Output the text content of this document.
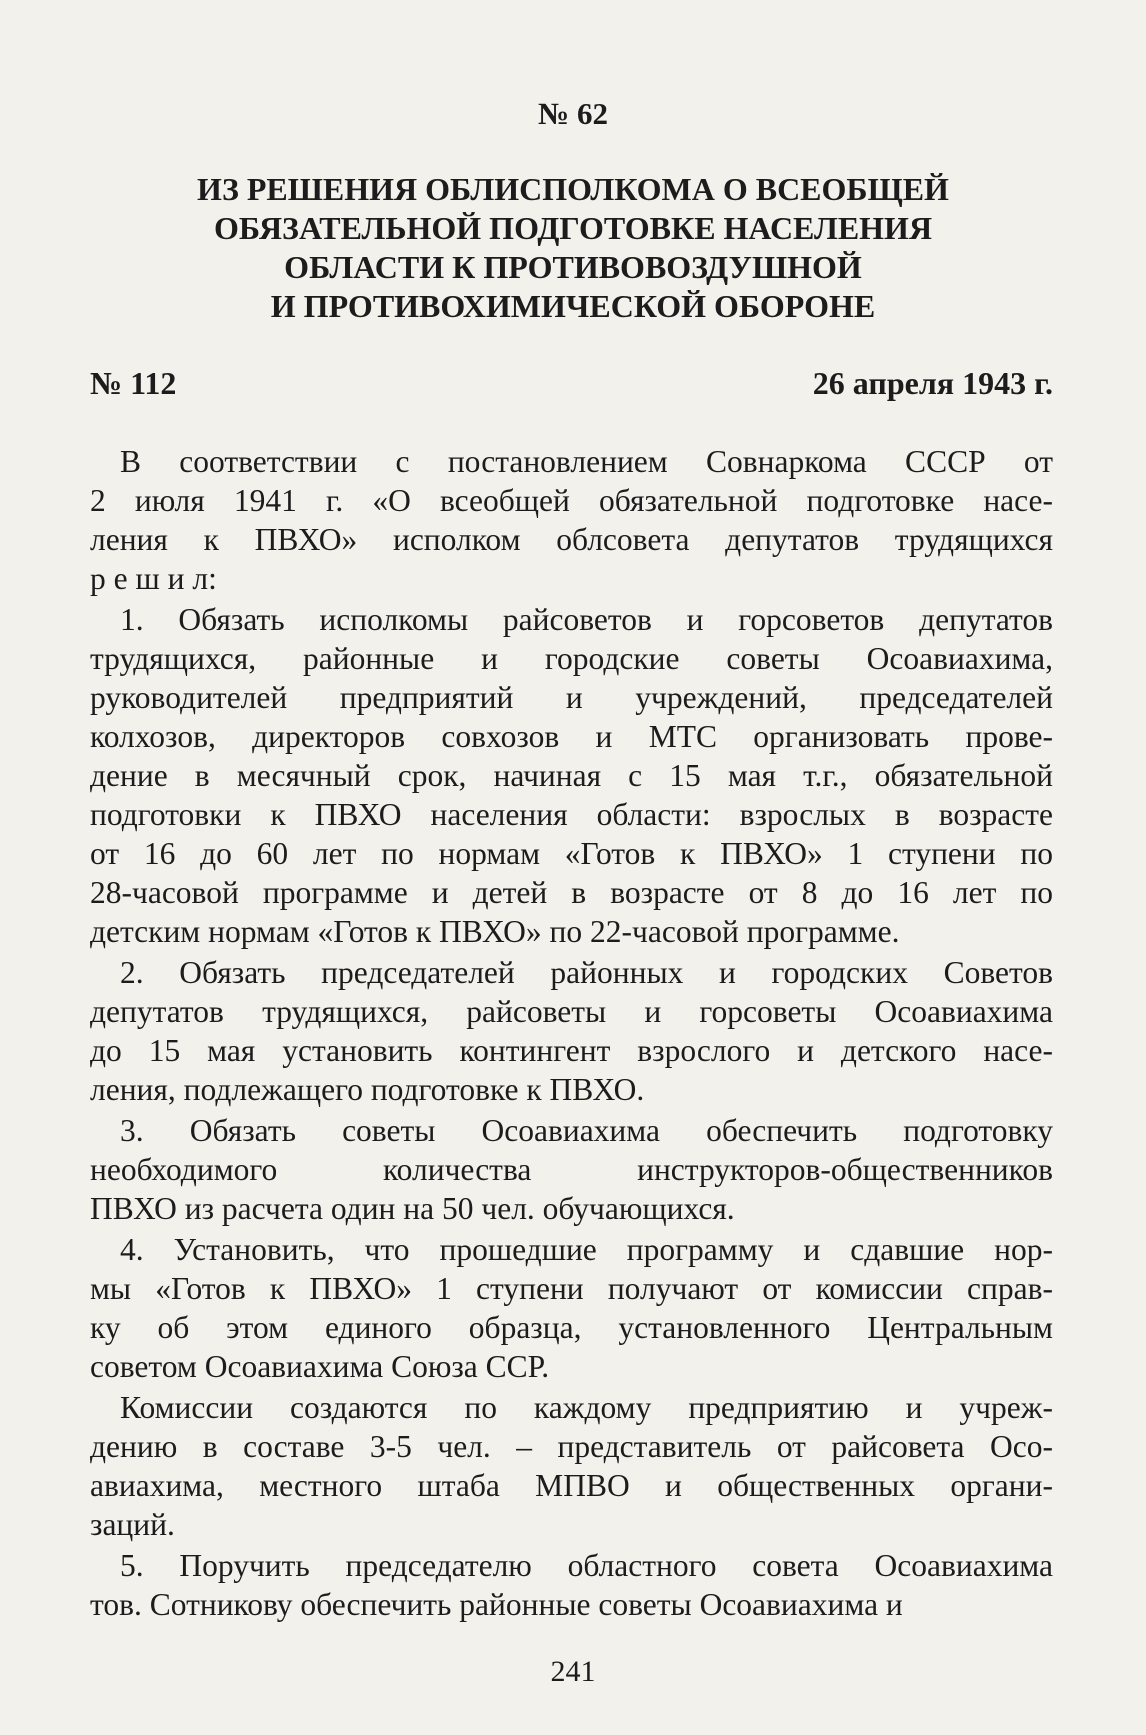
№ 62
ИЗ РЕШЕНИЯ ОБЛИСПОЛКОМА О ВСЕОБЩЕЙ
ОБЯЗАТЕЛЬНОЙ ПОДГОТОВКЕ НАСЕЛЕНИЯ
ОБЛАСТИ К ПРОТИВОВОЗДУШНОЙ
И ПРОТИВОХИМИЧЕСКОЙ ОБОРОНЕ
№ 112	26 апреля 1943 г.
В соответствии с постановлением Совнаркома СССР от
2 июля 1941 г. «О всеобщей обязательной подготовке насе-
ления к ПВХО» исполком облсовета депутатов трудящихся
р е ш и л:
1. Обязать исполкомы райсоветов и горсоветов депутатов
трудящихся, районные и городские советы Осоавиахима,
руководителей предприятий и учреждений, председателей
колхозов, директоров совхозов и МТС организовать прове-
дение в месячный срок, начиная с 15 мая т.г., обязательной
подготовки к ПВХО населения области: взрослых в возрасте
от 16 до 60 лет по нормам «Готов к ПВХО» 1 ступени по
28-часовой программе и детей в возрасте от 8 до 16 лет по
детским нормам «Готов к ПВХО» по 22-часовой программе.
2. Обязать председателей районных и городских Советов
депутатов трудящихся, райсоветы и горсоветы Осоавиахима
до 15 мая установить контингент взрослого и детского насе-
ления, подлежащего подготовке к ПВХО.
3. Обязать советы Осоавиахима обеспечить подготовку
необходимого количества инструкторов-общественников
ПВХО из расчета один на 50 чел. обучающихся.
4. Установить, что прошедшие программу и сдавшие нор-
мы «Готов к ПВХО» 1 ступени получают от комиссии справ-
ку об этом единого образца, установленного Центральным
советом Осоавиахима Союза ССР.
Комиссии создаются по каждому предприятию и учреж-
дению в составе 3-5 чел. – представитель от райсовета Осо-
авиахима, местного штаба МПВО и общественных органи-
заций.
5. Поручить председателю областного совета Осоавиахима
тов. Сотникову обеспечить районные советы Осоавиахима и
241
